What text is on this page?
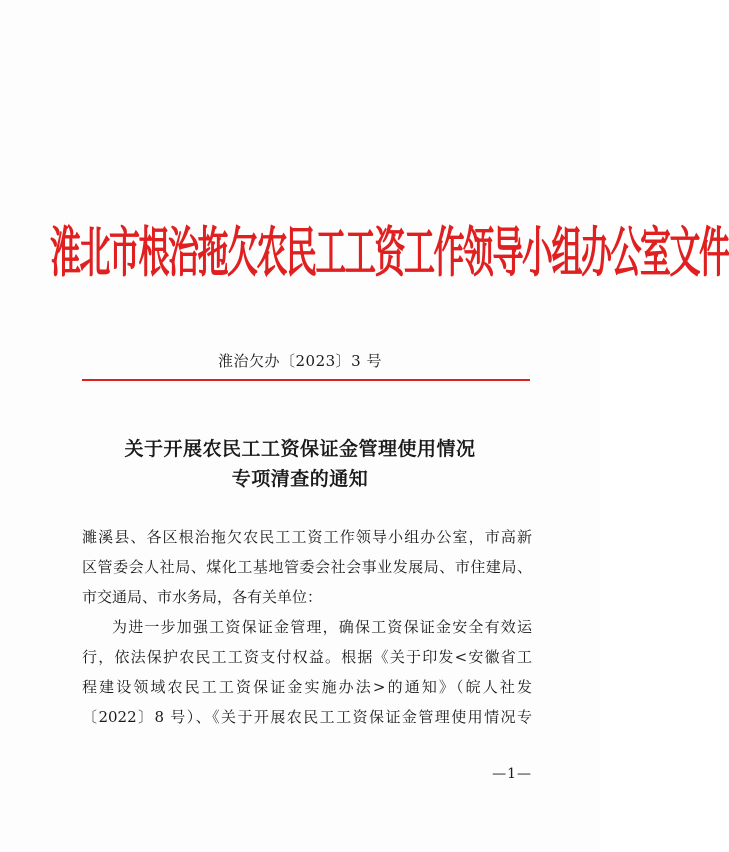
淮北市根治拖欠农民工工资工作领导小组办公室文件
淮治欠办〔2023〕3 号
关于开展农民工工资保证金管理使用情况
专项清查的通知
濉溪县、各区根治拖欠农民工工资工作领导小组办公室，市高新
区管委会人社局、煤化工基地管委会社会事业发展局、市住建局、
市交通局、市水务局，各有关单位：
为进一步加强工资保证金管理，确保工资保证金安全有效运
行，依法保护农民工工资支付权益。根据《关于印发<安徽省工
程建设领域农民工工资保证金实施办法>的通知》（皖人社发
〔2022〕8 号）、《关于开展农民工工资保证金管理使用情况专
—1—
